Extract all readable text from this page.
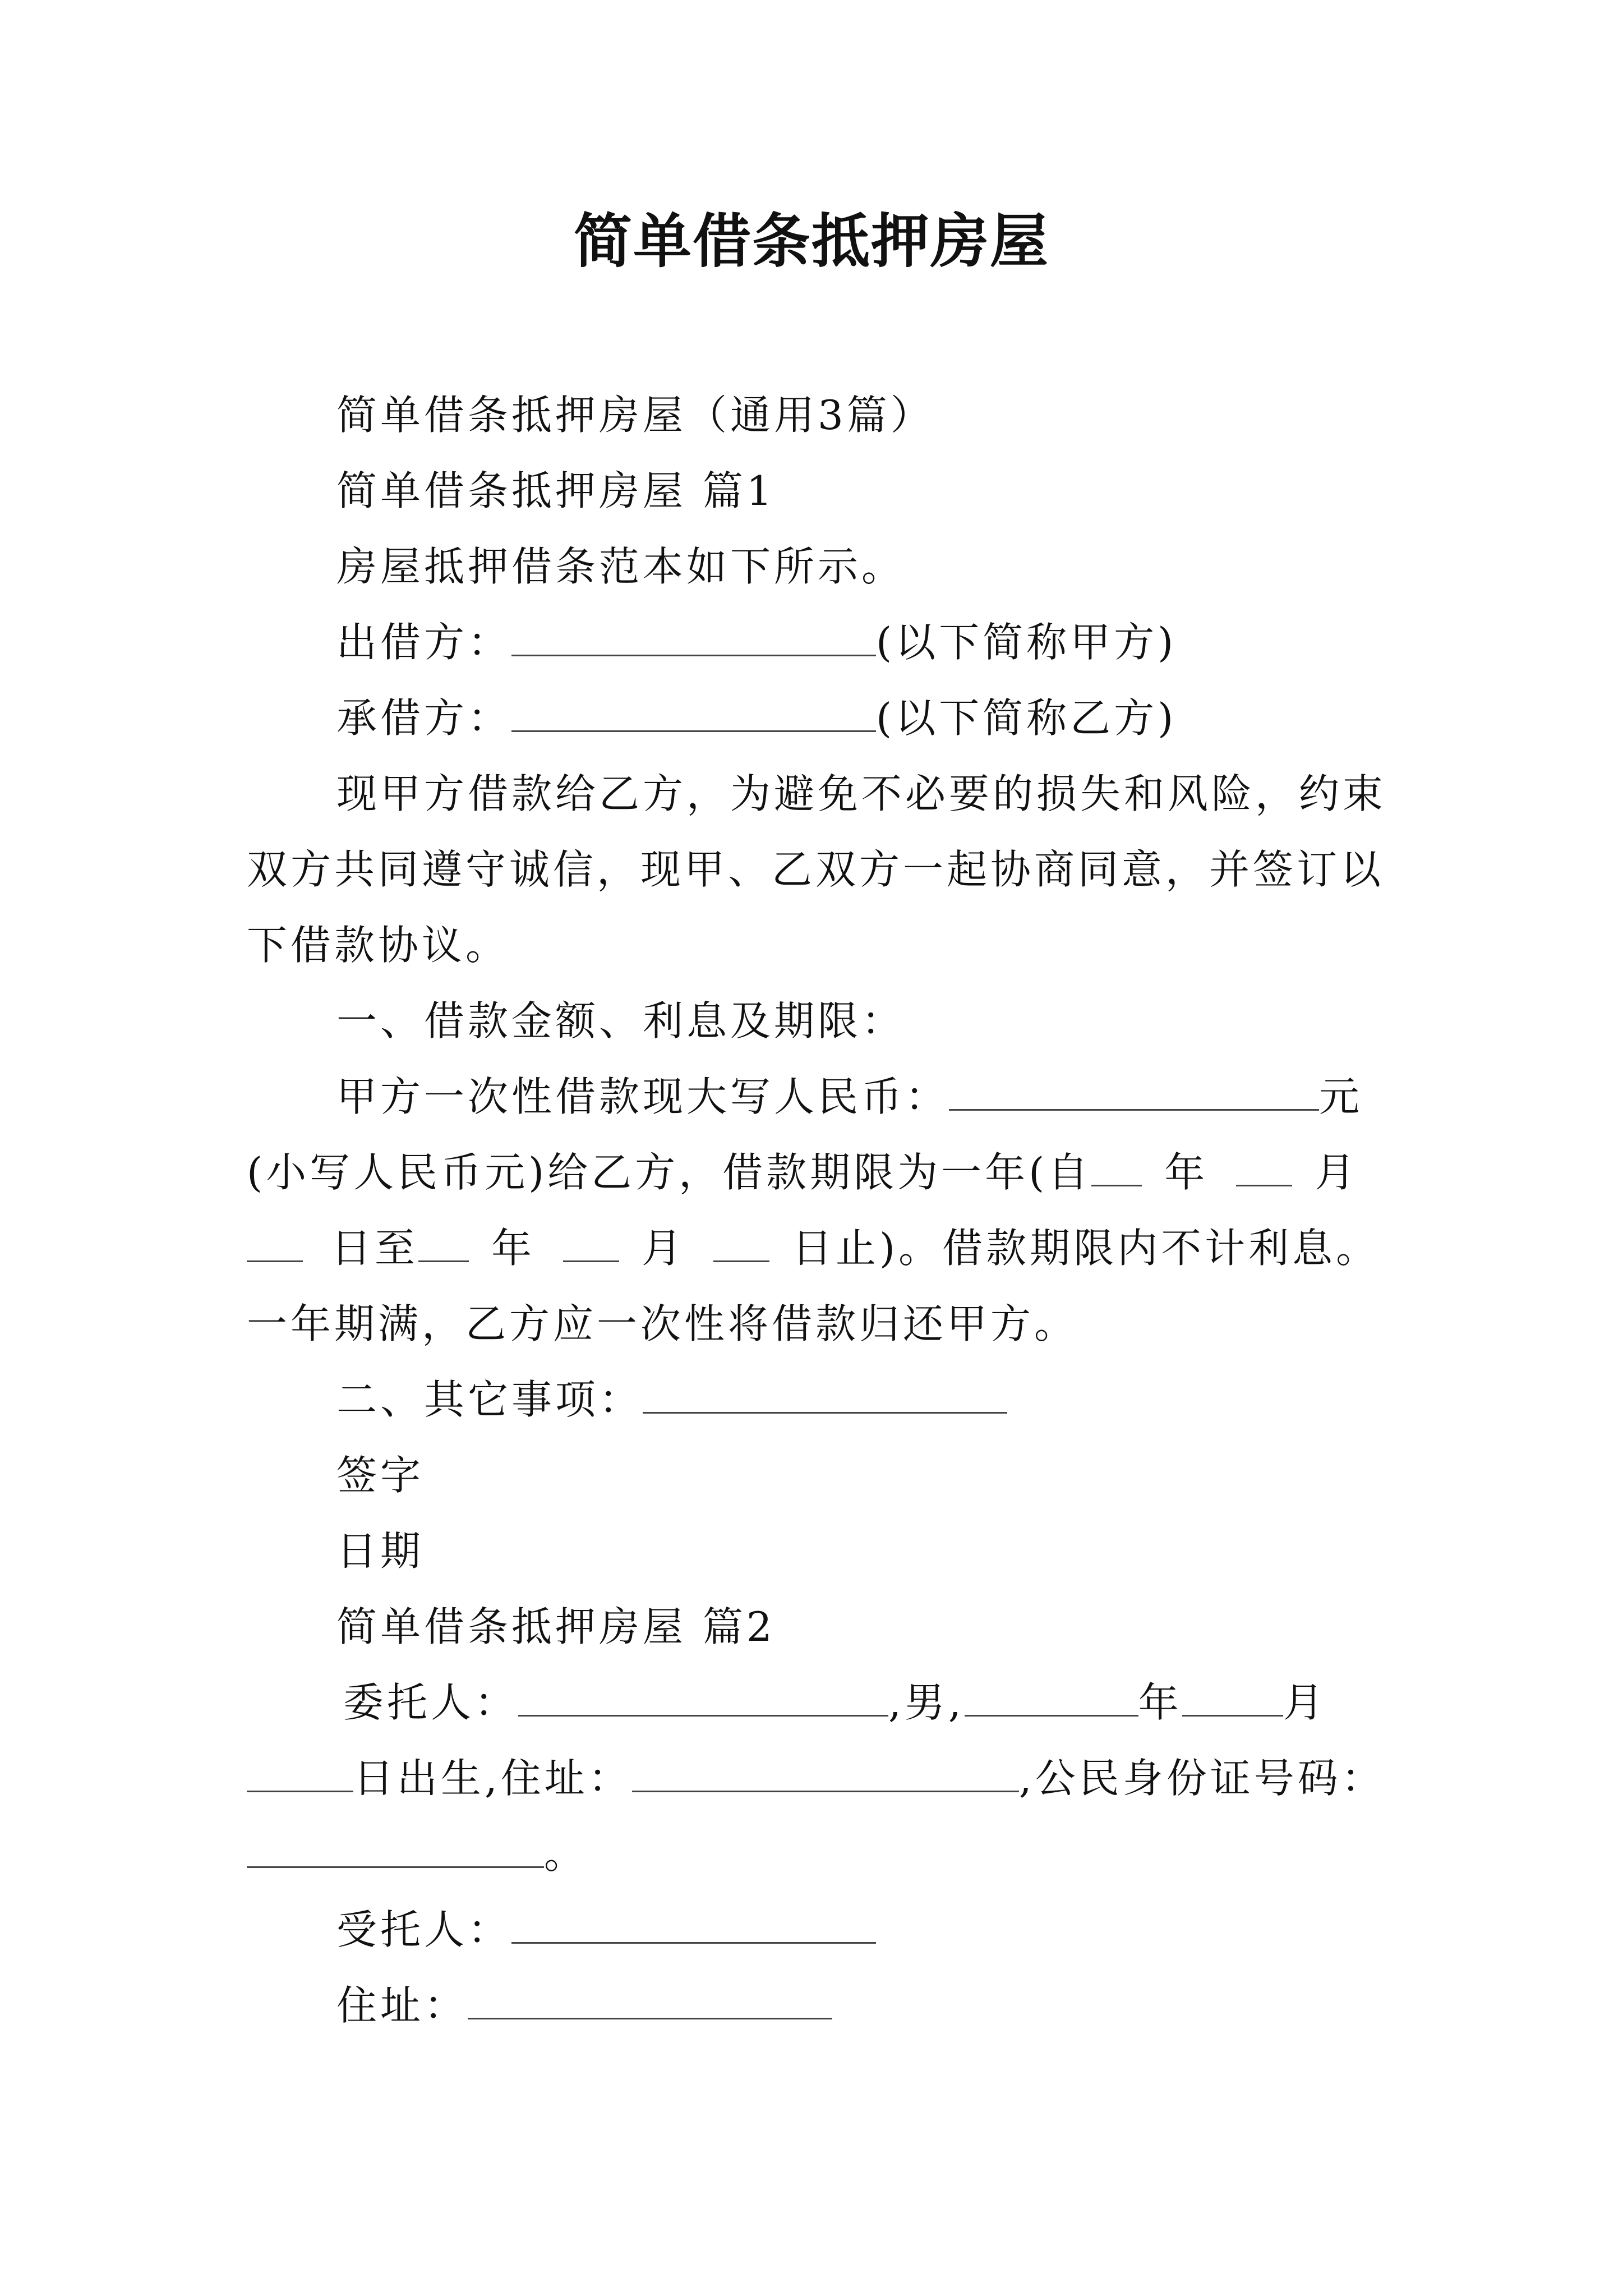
简单借条抵押房屋
简单借条抵押房屋（通用3篇）
简单借条抵押房屋 篇1
房屋抵押借条范本如下所示。
出借方：	(以下简称甲方)
承借方：	(以下简称乙方)
现甲方借款给乙方，为避免不必要的损失和风险，约束
双方共同遵守诚信，现甲、乙双方一起协商同意，并签订以
下借款协议。
一、借款金额、利息及期限：
甲方一次性借款现大写人民币：	元
(小写人民币元)给乙方，借款期限为一年(自 年	月
日至 年	月	日止)。借款期限内不计利息。
一年期满，乙方应一次性将借款归还甲方。
二、其它事项：
签字
日期
简单借条抵押房屋 篇2
委托人：	,男,	年	月
日出生,住址：	,公民身份证号码：
。
受托人：
住址：
